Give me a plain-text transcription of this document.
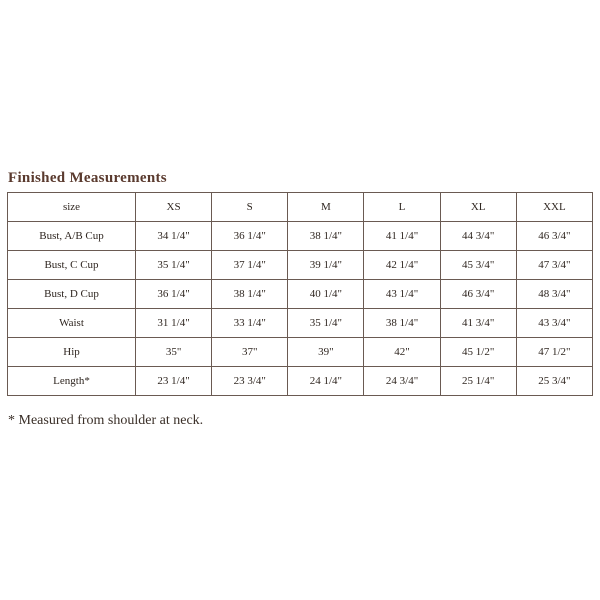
Finished Measurements
size	XS	S	M	L	XL	XXL
Bust, A/B Cup	34 1/4"	36 1/4"	38 1/4"	41 1/4"	44 3/4"	46 3/4"
Bust, C Cup	35 1/4"	37 1/4"	39 1/4"	42 1/4"	45 3/4"	47 3/4"
Bust, D Cup	36 1/4"	38 1/4"	40 1/4"	43 1/4"	46 3/4"	48 3/4"
Waist	31 1/4"	33 1/4"	35 1/4"	38 1/4"	41 3/4"	43 3/4"
Hip	35"	37"	39"	42"	45 1/2"	47 1/2"
Length*	23 1/4"	23 3/4"	24 1/4"	24 3/4"	25 1/4"	25 3/4"
* Measured from shoulder at neck.
